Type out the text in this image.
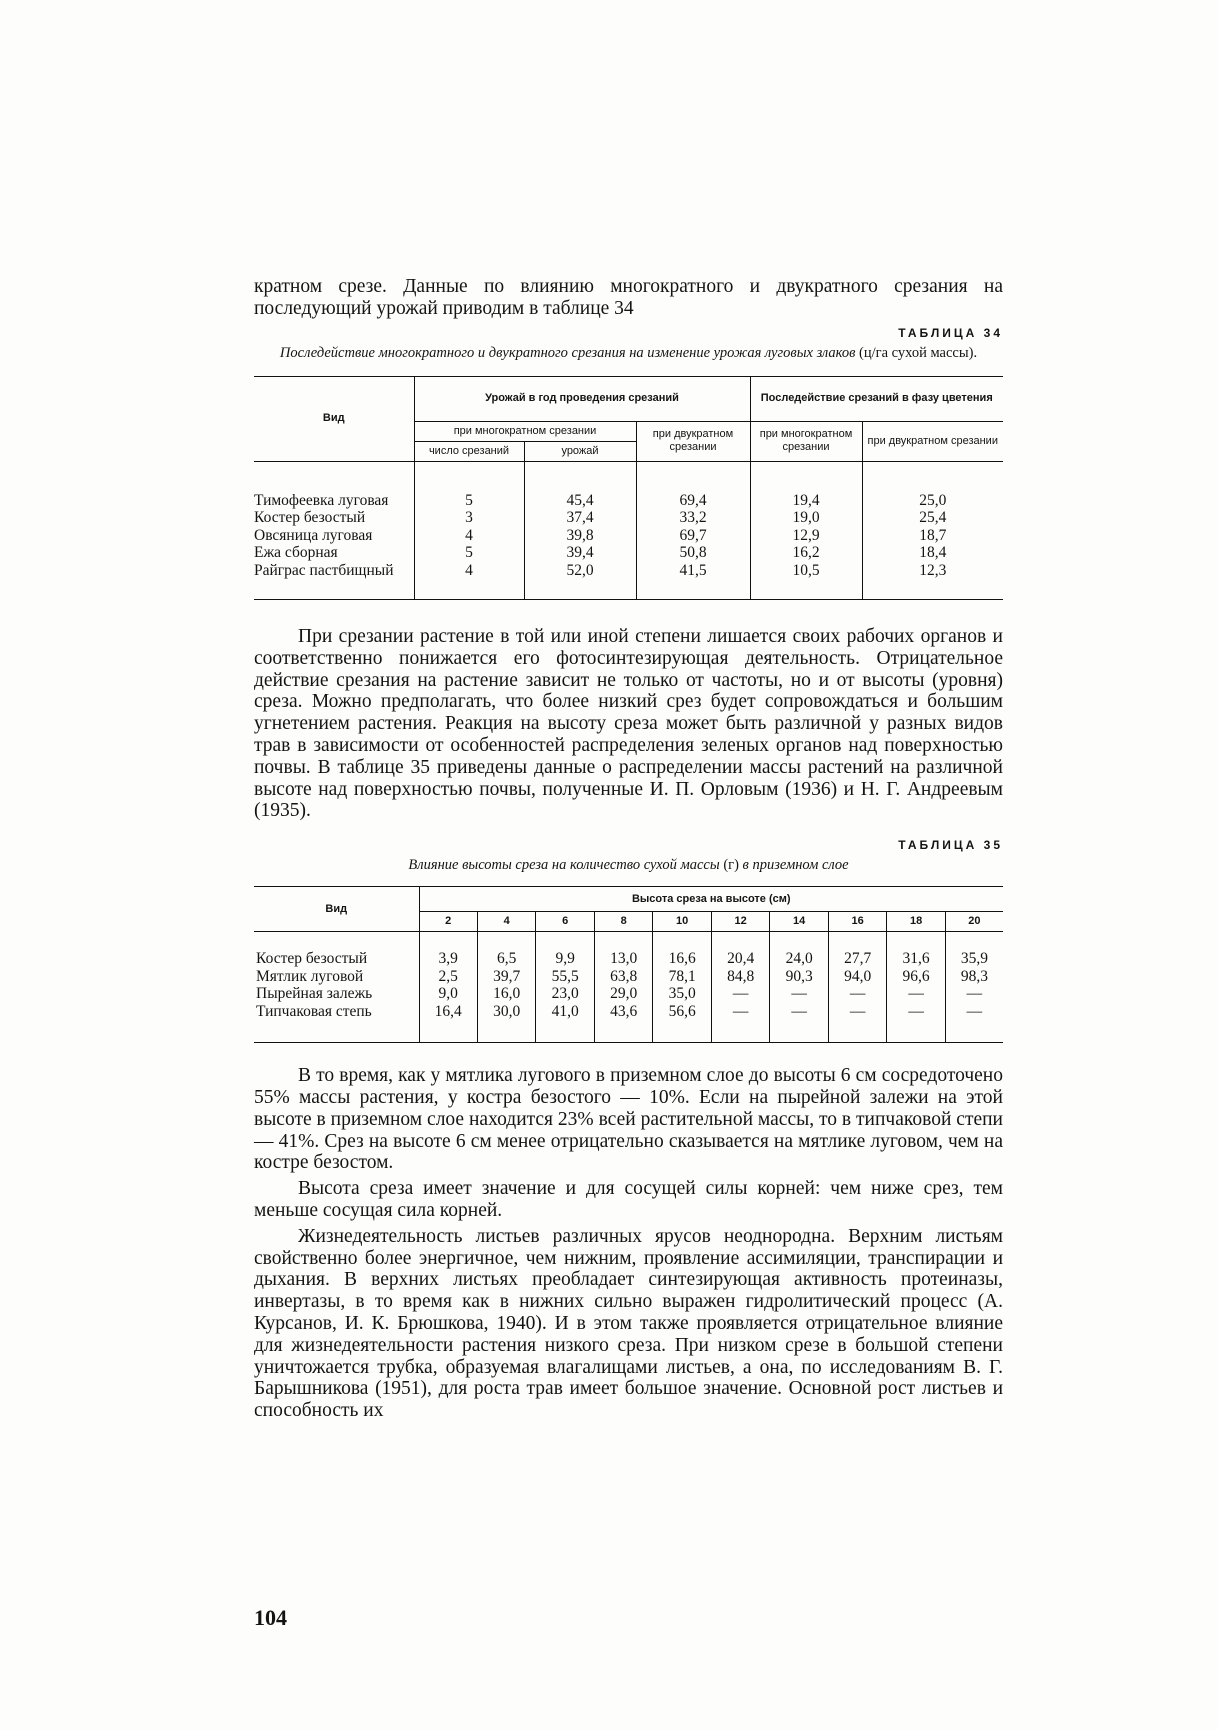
кратном срезе. Данные по влиянию многократного и двукратного срезания на последующий урожай приводим в таблице 34

ТАБЛИЦА 34

Последействие многократного и двукратного срезания на изменение урожая луговых злаков (ц/га сухой массы).

Вид	Урожай в год проведения срезаний			Последействие срезаний в фазу цветения	
	при многократном срезании		при двукратном срезании	при многократном срезании	при двукратном срезании
	число срезаний	урожай			
Тимофеевка луговая	5	45,4	69,4	19,4	25,0
Костер безостый	3	37,4	33,2	19,0	25,4
Овсяница луговая	4	39,8	69,7	12,9	18,7
Ежа сборная	5	39,4	50,8	16,2	18,4
Райграс пастбищный	4	52,0	41,5	10,5	12,3

При срезании растение в той или иной степени лишается своих рабочих органов и соответственно понижается его фотосинтезирующая деятельность. Отрицательное действие срезания на растение зависит не только от частоты, но и от высоты (уровня) среза. Можно предполагать, что более низкий срез будет сопровождаться и большим угнетением растения. Реакция на высоту среза может быть различной у разных видов трав в зависимости от особенностей распределения зеленых органов над поверхностью почвы. В таблице 35 приведены данные о распределении массы растений на различной высоте над поверхностью почвы, полученные И. П. Орловым (1936) и Н. Г. Андреевым (1935).

ТАБЛИЦА 35

Влияние высоты среза на количество сухой массы (г) в приземном слое

Вид	Высота среза на высоте (см)									
	2	4	6	8	10	12	14	16	18	20
Костер безостый	3,9	6,5	9,9	13,0	16,6	20,4	24,0	27,7	31,6	35,9
Мятлик луговой	2,5	39,7	55,5	63,8	78,1	84,8	90,3	94,0	96,6	98,3
Пырейная залежь	9,0	16,0	23,0	29,0	35,0	—	—	—	—	—
Типчаковая степь	16,4	30,0	41,0	43,6	56,6	—	—	—	—	—

В то время, как у мятлика лугового в приземном слое до высоты 6 см сосредоточено 55% массы растения, у костра безостого — 10%. Если на пырейной залежи на этой высоте в приземном слое находится 23% всей растительной массы, то в типчаковой степи — 41%. Срез на высоте 6 см менее отрицательно сказывается на мятлике луговом, чем на костре безостом.

Высота среза имеет значение и для сосущей силы корней: чем ниже срез, тем меньше сосущая сила корней.

Жизнедеятельность листьев различных ярусов неоднородна. Верхним листьям свойственно более энергичное, чем нижним, проявление ассимиляции, транспирации и дыхания. В верхних листьях преобладает синтезирующая активность протеиназы, инвертазы, в то время как в нижних сильно выражен гидролитический процесс (А. Курсанов, И. К. Брюшкова, 1940). И в этом также проявляется отрицательное влияние для жизнедеятельности растения низкого среза. При низком срезе в большой степени уничтожается трубка, образуемая влагалищами листьев, а она, по исследованиям В. Г. Барышникова (1951), для роста трав имеет большое значение. Основной рост листьев и способность их

104
